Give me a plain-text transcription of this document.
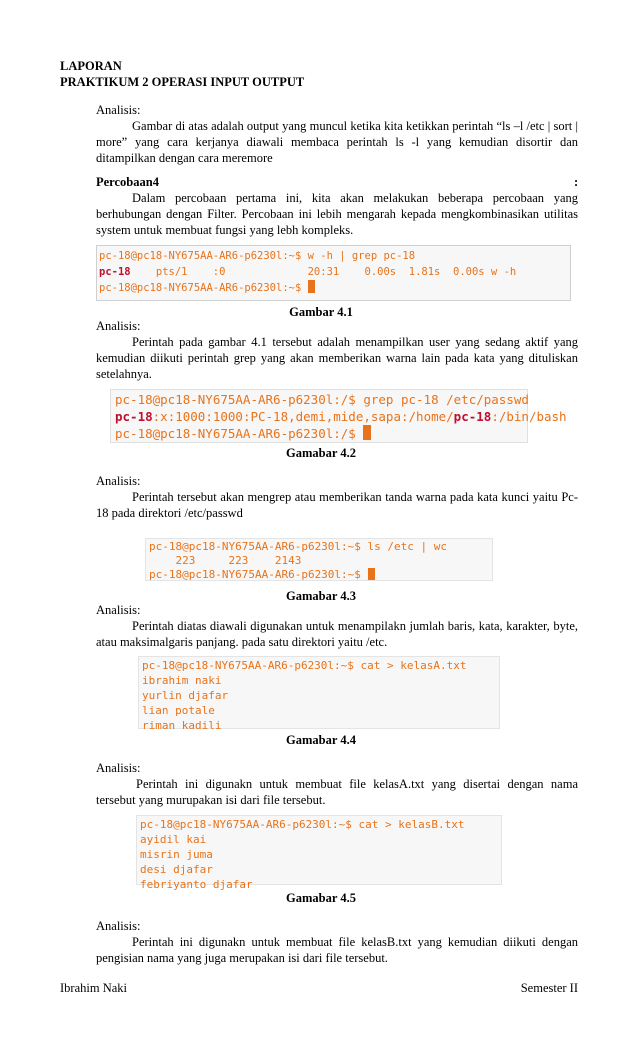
LAPORAN
PRAKTIKUM 2 OPERASI INPUT OUTPUT
Analisis:
Gambar di atas adalah output yang muncul ketika kita ketikkan perintah “ls –l /etc | sort | more” yang cara kerjanya diawali membaca perintah ls -l yang kemudian disortir dan ditampilkan dengan cara meremore
Percobaan4	:
Dalam percobaan pertama ini, kita akan melakukan beberapa percobaan yang berhubungan dengan Filter. Percobaan ini lebih mengarah kepada mengkombinasikan utilitas system untuk membuat fungsi yang lebh kompleks.
pc-18@pc18-NY675AA-AR6-p6230l:~$ w -h | grep pc-18
pc-18    pts/1    :0             20:31    0.00s  1.81s  0.00s w -h
pc-18@pc18-NY675AA-AR6-p6230l:~$
Gambar 4.1
Analisis:
Perintah pada gambar 4.1 tersebut adalah menampilkan user yang sedang aktif yang kemudian diikuti perintah grep yang akan memberikan warna lain pada kata yang dituliskan setelahnya.
pc-18@pc18-NY675AA-AR6-p6230l:/$ grep pc-18 /etc/passwd
pc-18:x:1000:1000:PC-18,demi,mide,sapa:/home/pc-18:/bin/bash
pc-18@pc18-NY675AA-AR6-p6230l:/$
Gamabar 4.2
Analisis:
Perintah tersebut akan mengrep atau memberikan tanda warna pada kata kunci yaitu Pc-18 pada direktori /etc/passwd
pc-18@pc18-NY675AA-AR6-p6230l:~$ ls /etc | wc
223     223    2143
pc-18@pc18-NY675AA-AR6-p6230l:~$
Gamabar 4.3
Analisis:
Perintah diatas diawali digunakan untuk menampilakn jumlah baris, kata, karakter, byte, atau maksimalgaris panjang. pada satu direktori yaitu /etc.
pc-18@pc18-NY675AA-AR6-p6230l:~$ cat > kelasA.txt
ibrahim naki
yurlin djafar
lian potale
riman kadili
Gamabar 4.4
Analisis:
Perintah ini digunakn untuk membuat file kelasA.txt yang disertai dengan nama tersebut yang murupakan isi dari file tersebut.
pc-18@pc18-NY675AA-AR6-p6230l:~$ cat > kelasB.txt
ayidil kai
misrin juma
desi djafar
febriyanto djafar
Gamabar 4.5
Analisis:
Perintah ini digunakn untuk membuat file kelasB.txt yang kemudian diikuti dengan pengisian nama yang juga merupakan isi dari file tersebut.
Ibrahim Naki	Semester II
